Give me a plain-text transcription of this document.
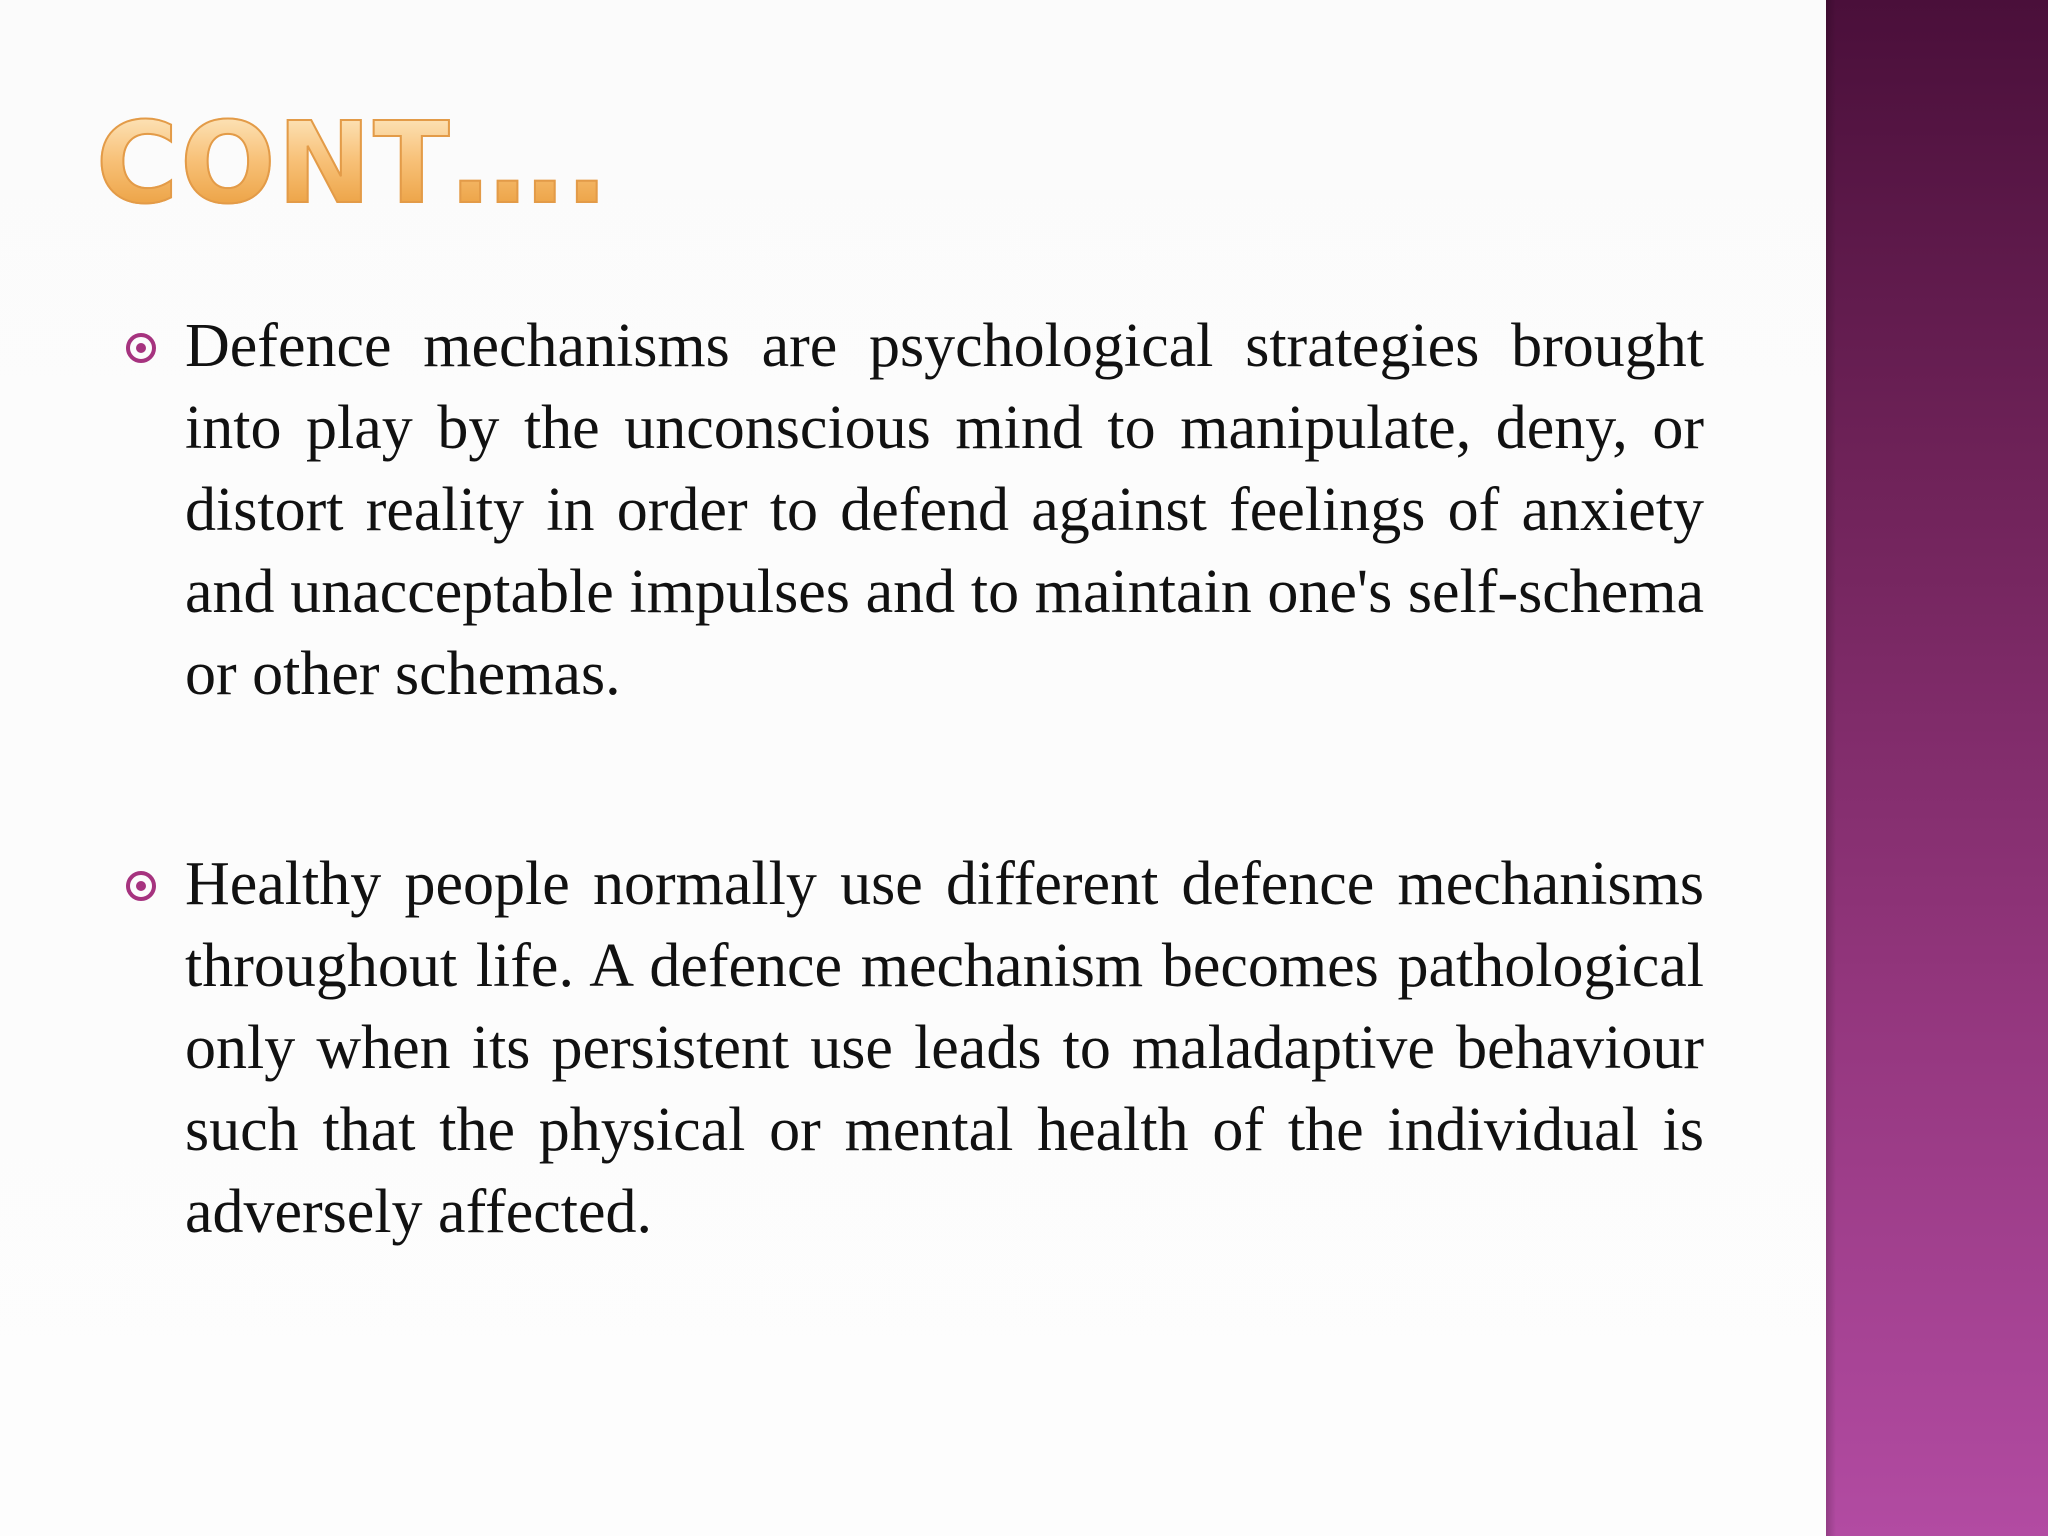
CONT….

Defence mechanisms are psychological strategies brought into play by the unconscious mind to manipulate, deny, or distort reality in order to defend against feelings of anxiety and unacceptable impulses and to maintain one's self-schema or other schemas.

Healthy people normally use different defence mechanisms throughout life. A defence mechanism becomes pathological only when its persistent use leads to maladaptive behaviour such that the physical or mental health of the individual is adversely affected.
